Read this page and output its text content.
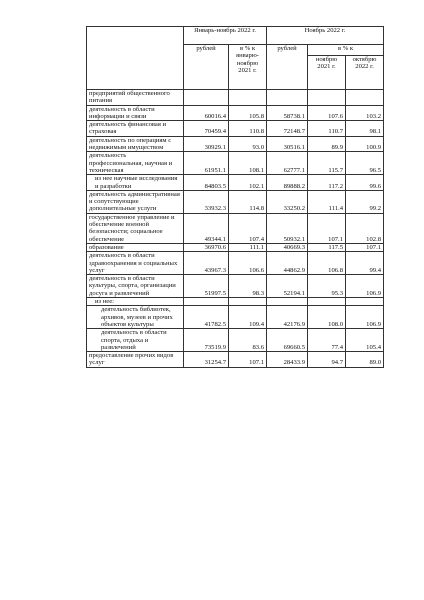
	Январь-ноябрь 2022 г.		Ноябрь 2022 г.		
	рублей	в % к январю-ноябрю 2021 г.	рублей	в % к	
				ноябрю 2021 г.	октябрю 2022 г.
предприятий общественного питания					
деятельность в области информации и связи	60016.4	105.8	58738.1	107.6	103.2
деятельность финансовая и страховая	70459.4	110.8	72148.7	110.7	98.1
деятельность по операциям с недвижимым имуществом	30929.1	93.0	30516.1	89.9	100.9
деятельность профессиональная, научная и техническая	61951.1	108.1	62777.1	115.7	96.5
из нее научные исследования и разработки	84803.5	102.1	89888.2	117.2	99.6
деятельность административная и сопутствующие дополнительные услуги	33932.3	114.8	33250.2	111.4	99.2
государственное управление и обеспечение военной безопасности; социальное обеспечение	49344.1	107.4	50932.1	107.1	102.8
образование	36970.6	111.1	40669.3	117.5	107.1
деятельность в области здравоохранения и социальных услуг	43967.3	106.6	44862.9	106.8	99.4
деятельность в области культуры, спорта, организации досуга и развлечений	51997.5	98.3	52194.1	95.3	106.9
из нее:					
деятельность библиотек, архивов, музеев и прочих объектов культуры	41782.5	109.4	42176.9	108.0	106.9
деятельность в области спорта, отдыха и развлечений	73519.9	83.6	69660.5	77.4	105.4
предоставление прочих видов услуг	31254.7	107.1	28433.9	94.7	89.0
